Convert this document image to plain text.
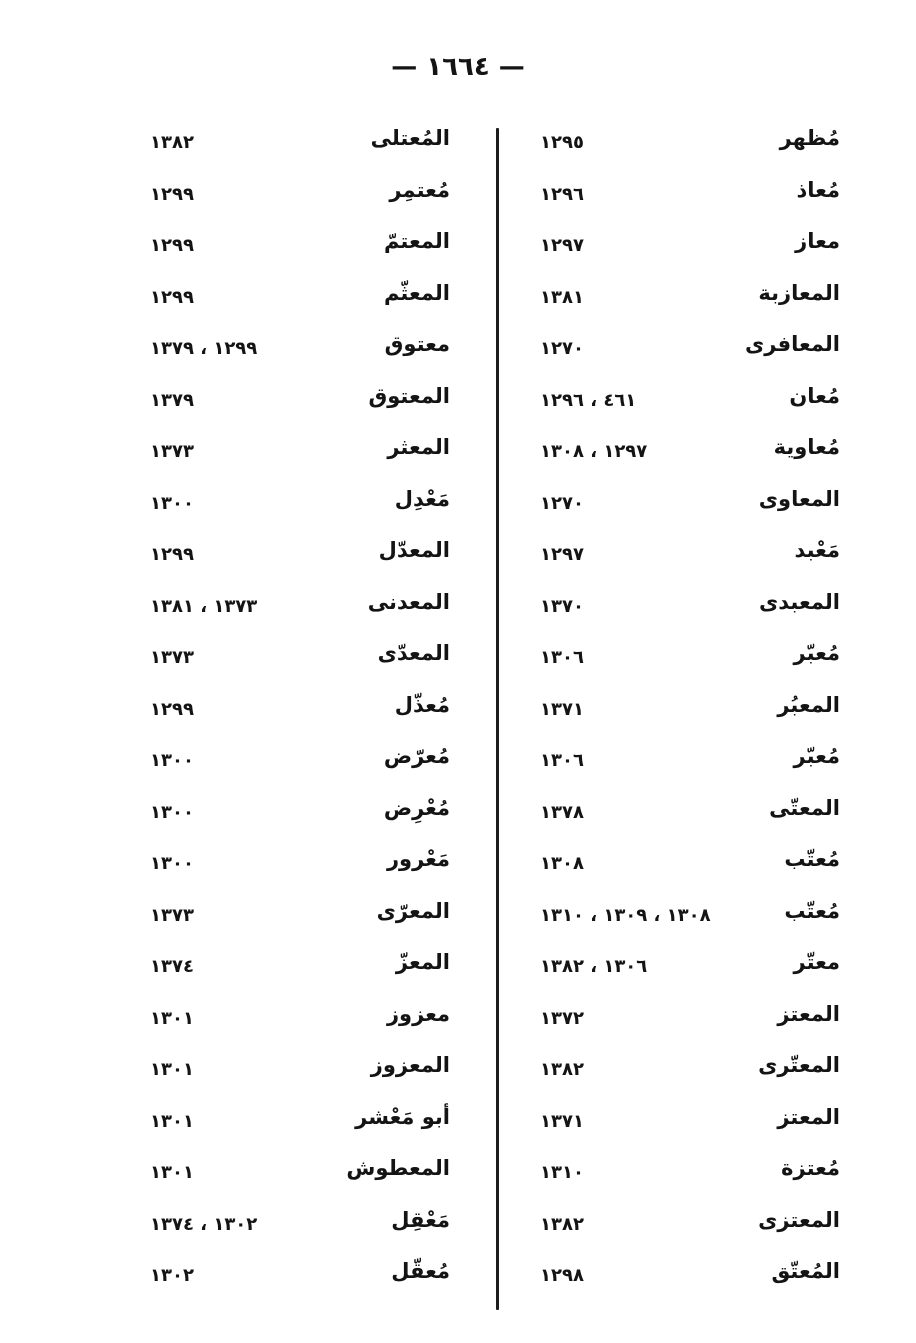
— ١٦٦٤ —
مُظهر
١٢٩٥
مُعاذ
١٢٩٦
معاز
١٢٩٧
المعازبة
١٣٨١
المعافرى
١٢٧٠
مُعان
٤٦١ ، ١٢٩٦
مُعاوية
١٢٩٧ ، ١٣٠٨
المعاوى
١٢٧٠
مَعْبد
١٢٩٧
المعبدى
١٣٧٠
مُعبّر
١٣٠٦
المعبُر
١٣٧١
مُعبّر
١٣٠٦
المعتّى
١٣٧٨
مُعتّب
١٣٠٨
مُعتّب
١٣٠٨ ، ١٣٠٩ ، ١٣١٠
معتّر
١٣٠٦ ، ١٣٨٢
المعتز
١٣٧٢
المعتّرى
١٣٨٢
المعتز
١٣٧١
مُعتزة
١٣١٠
المعتزى
١٣٨٢
المُعتّق
١٢٩٨
المُعتلى
١٣٨٢
مُعتمِر
١٢٩٩
المعتمّ
١٢٩٩
المعثّم
١٢٩٩
معتوق
١٢٩٩ ، ١٣٧٩
المعتوق
١٣٧٩
المعثر
١٣٧٣
مَعْدِل
١٣٠٠
المعدّل
١٢٩٩
المعدنى
١٣٧٣ ، ١٣٨١
المعدّى
١٣٧٣
مُعذّل
١٢٩٩
مُعرّض
١٣٠٠
مُعْرِض
١٣٠٠
مَعْرور
١٣٠٠
المعرّى
١٣٧٣
المعزّ
١٣٧٤
معزوز
١٣٠١
المعزوز
١٣٠١
أبو مَعْشر
١٣٠١
المعطوش
١٣٠١
مَعْقِل
١٣٠٢ ، ١٣٧٤
مُعقّل
١٣٠٢
